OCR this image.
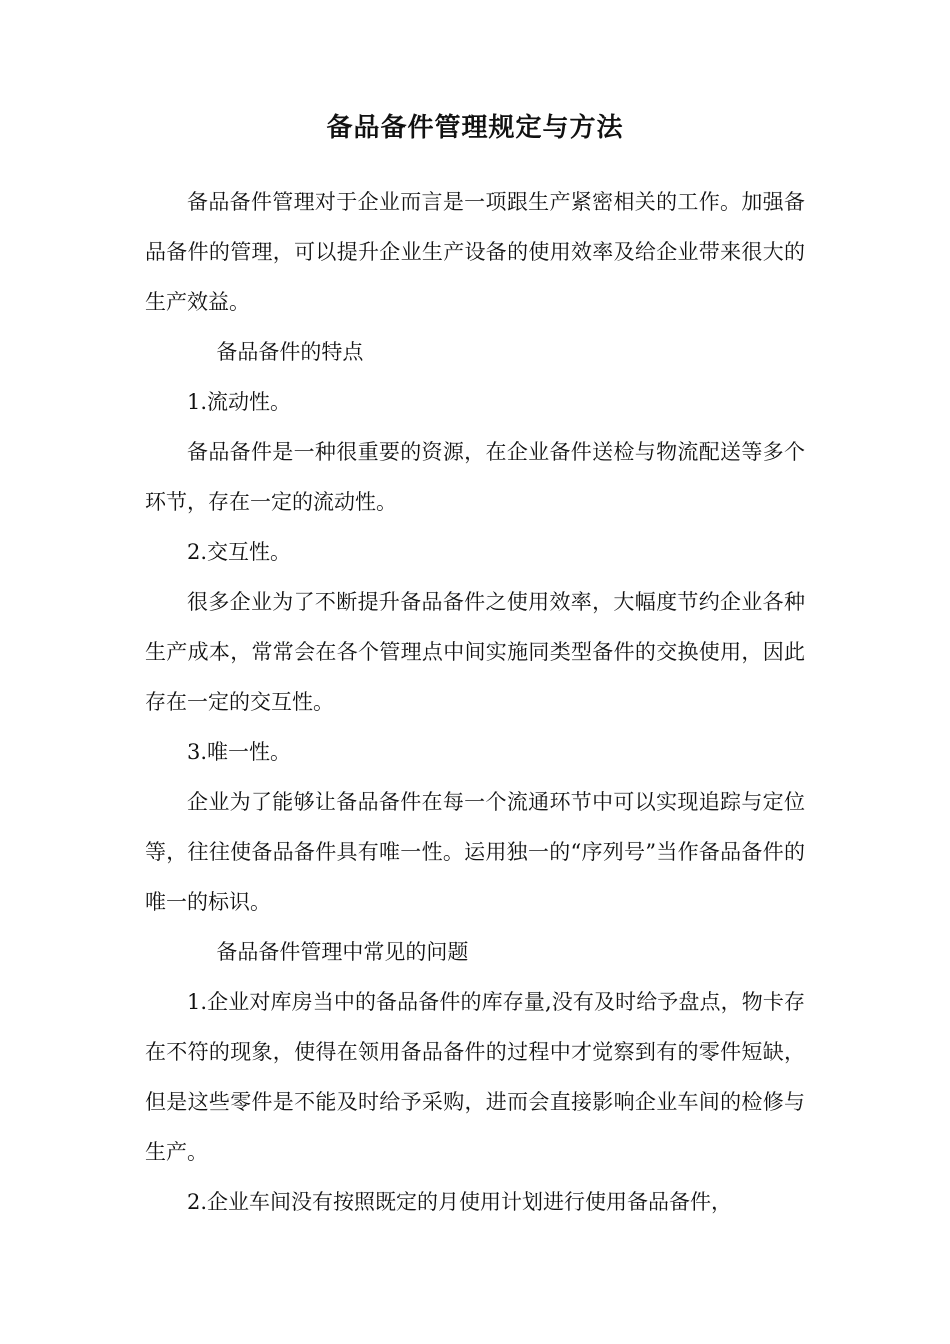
备品备件管理规定与方法

备品备件管理对于企业而言是一项跟生产紧密相关的工作。加强备品备件的管理，可以提升企业生产设备的使用效率及给企业带来很大的生产效益。

备品备件的特点

1.流动性。

备品备件是一种很重要的资源，在企业备件送检与物流配送等多个环节，存在一定的流动性。

2.交互性。

很多企业为了不断提升备品备件之使用效率，大幅度节约企业各种生产成本，常常会在各个管理点中间实施同类型备件的交换使用，因此存在一定的交互性。

3.唯一性。

企业为了能够让备品备件在每一个流通环节中可以实现追踪与定位等，往往使备品备件具有唯一性。运用独一的“序列号”当作备品备件的唯一的标识。

备品备件管理中常见的问题

1.企业对库房当中的备品备件的库存量,没有及时给予盘点，物卡存在不符的现象，使得在领用备品备件的过程中才觉察到有的零件短缺，但是这些零件是不能及时给予采购，进而会直接影响企业车间的检修与生产。

2.企业车间没有按照既定的月使用计划进行使用备品备件，
